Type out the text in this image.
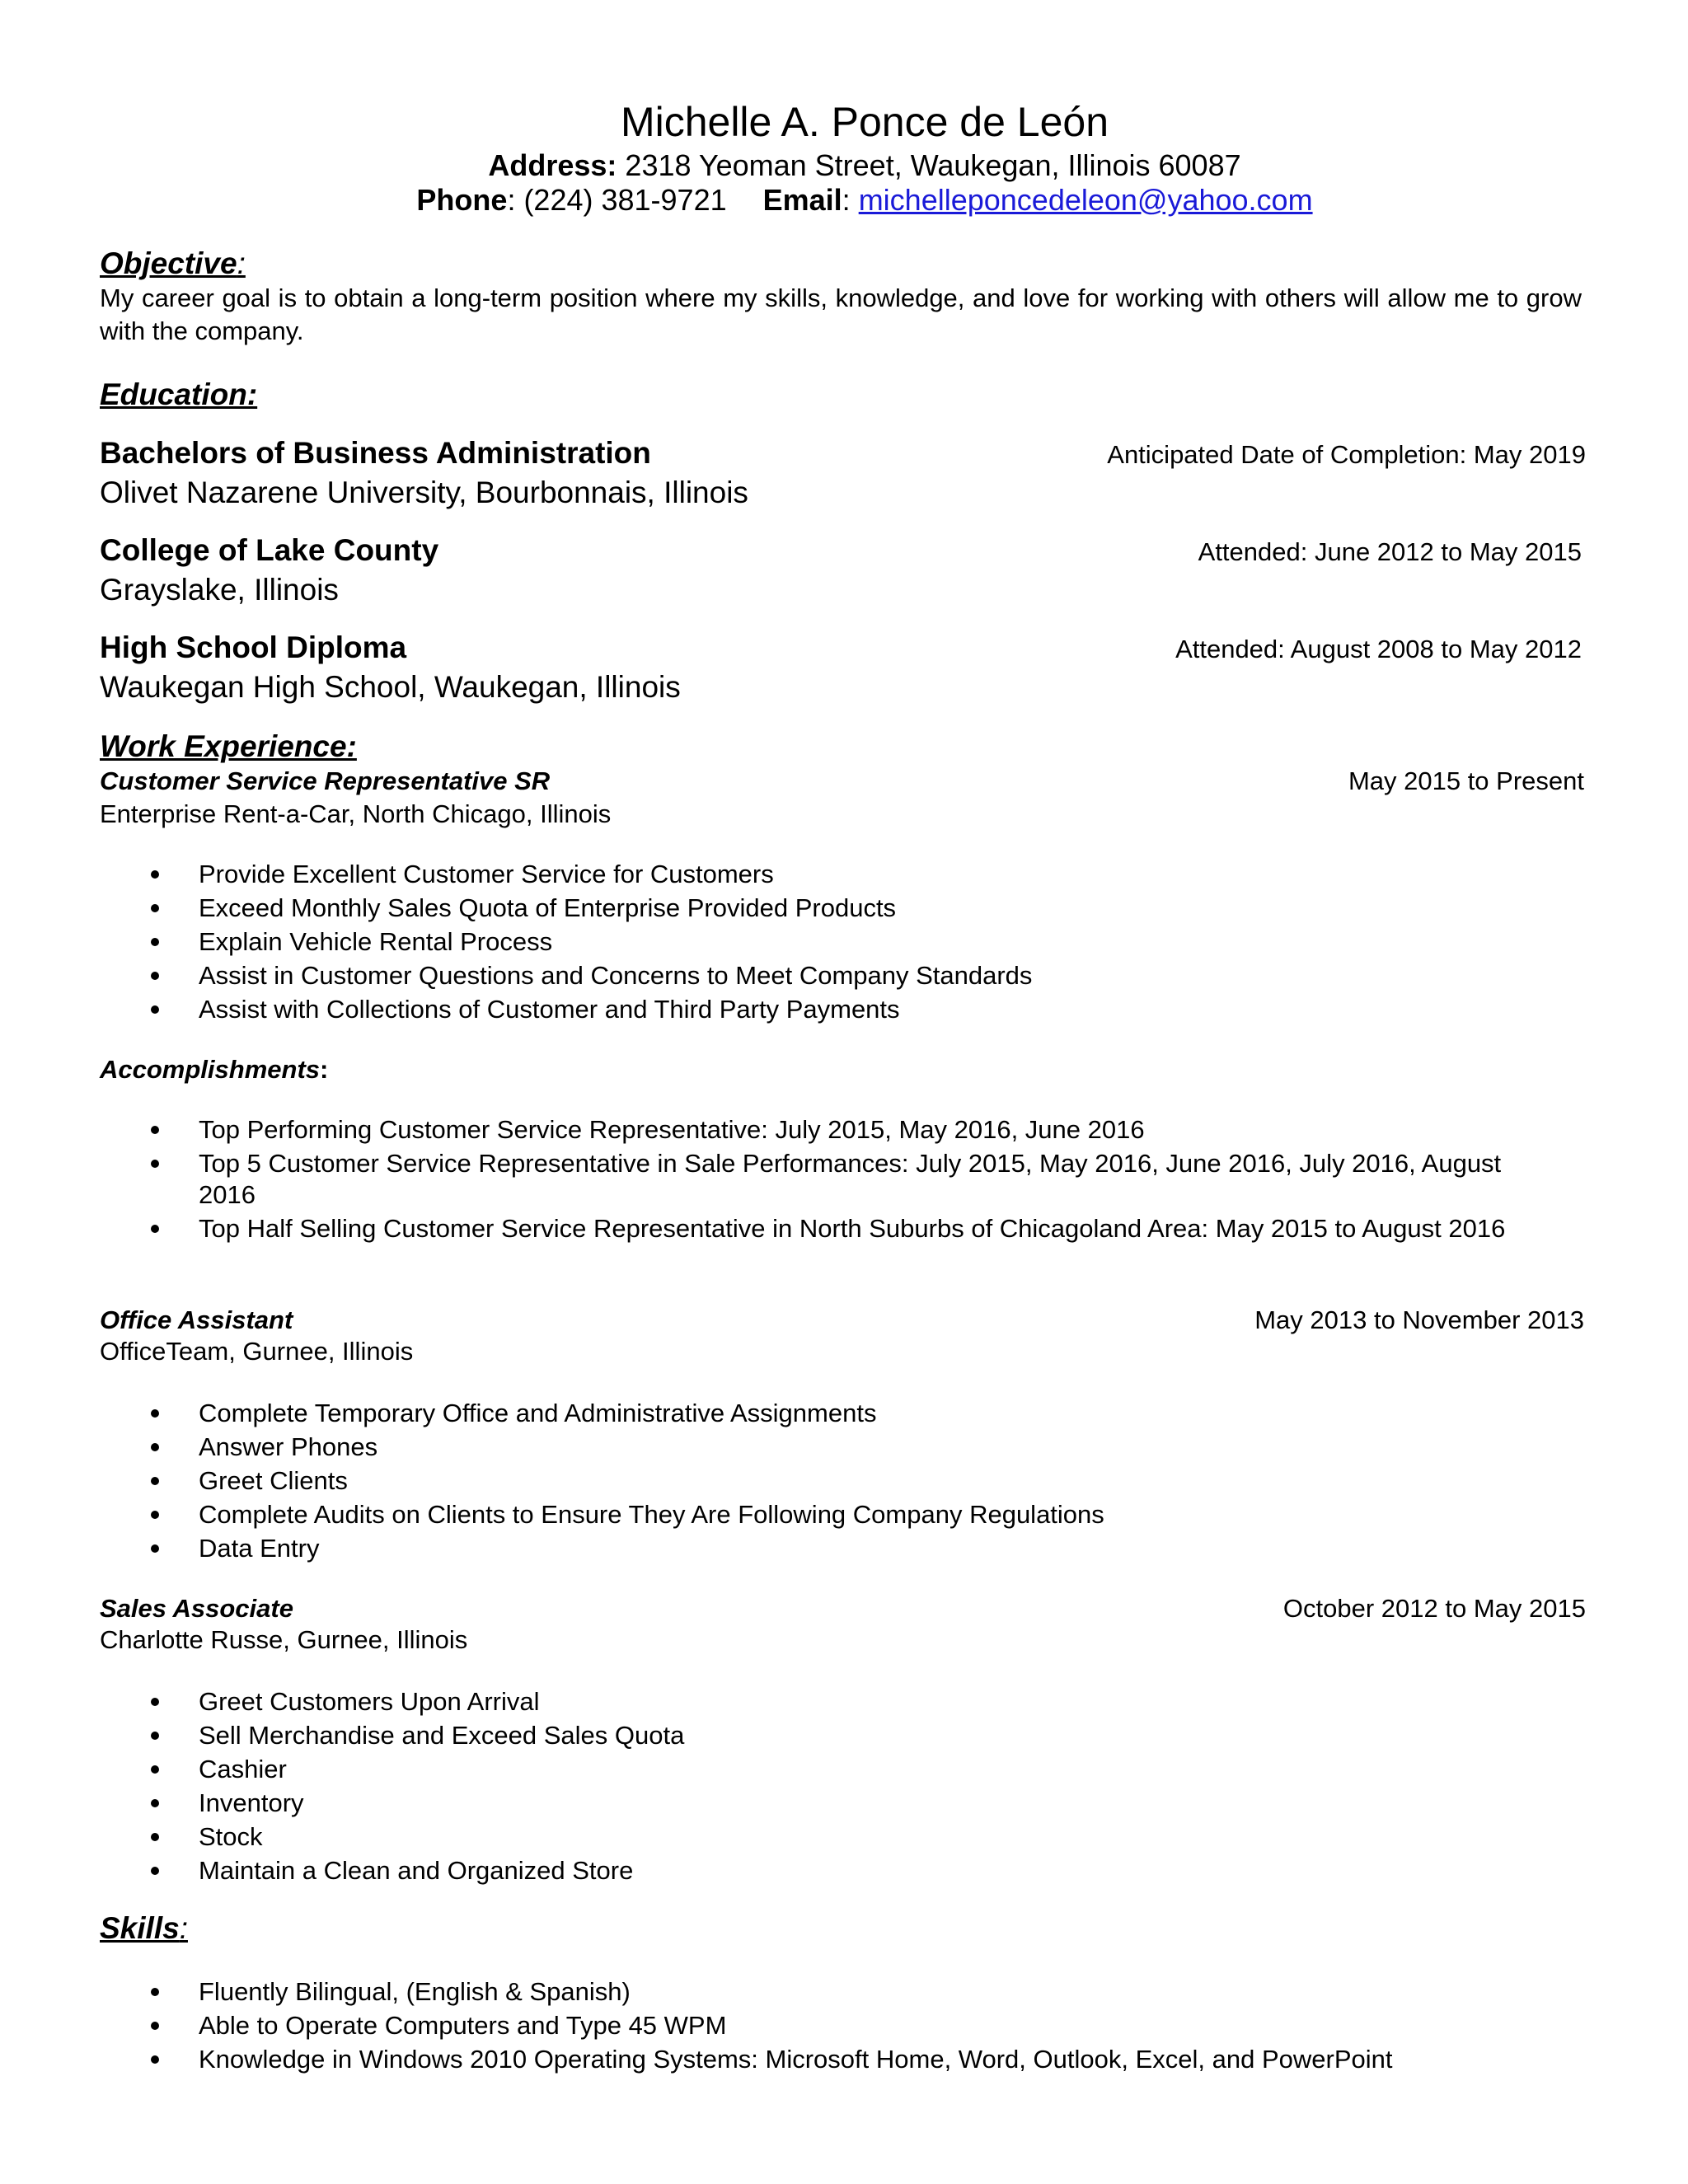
Michelle A. Ponce de León
Address: 2318 Yeoman Street, Waukegan, Illinois 60087
Phone: (224) 381-9721 Email: michelleponcedeleon@yahoo.com
Objective:
My career goal is to obtain a long-term position where my skills, knowledge, and love for working with others will allow me to grow with the company.
Education:
Bachelors of Business Administration	Anticipated Date of Completion: May 2019
Olivet Nazarene University, Bourbonnais, Illinois
College of Lake County	Attended: June 2012 to May 2015
Grayslake, Illinois
High School Diploma	Attended: August 2008 to May 2012
Waukegan High School, Waukegan, Illinois
Work Experience:
Customer Service Representative SR	May 2015 to Present
Enterprise Rent-a-Car, North Chicago, Illinois
Provide Excellent Customer Service for Customers
Exceed Monthly Sales Quota of Enterprise Provided Products
Explain Vehicle Rental Process
Assist in Customer Questions and Concerns to Meet Company Standards
Assist with Collections of Customer and Third Party Payments
Accomplishments:
Top Performing Customer Service Representative: July 2015, May 2016, June 2016
Top 5 Customer Service Representative in Sale Performances: July 2015, May 2016, June 2016, July 2016, August 2016
Top Half Selling Customer Service Representative in North Suburbs of Chicagoland Area: May 2015 to August 2016
Office Assistant	May 2013 to November 2013
OfficeTeam, Gurnee, Illinois
Complete Temporary Office and Administrative Assignments
Answer Phones
Greet Clients
Complete Audits on Clients to Ensure They Are Following Company Regulations
Data Entry
Sales Associate	October 2012 to May 2015
Charlotte Russe, Gurnee, Illinois
Greet Customers Upon Arrival
Sell Merchandise and Exceed Sales Quota
Cashier
Inventory
Stock
Maintain a Clean and Organized Store
Skills:
Fluently Bilingual, (English & Spanish)
Able to Operate Computers and Type 45 WPM
Knowledge in Windows 2010 Operating Systems: Microsoft Home, Word, Outlook, Excel, and PowerPoint
